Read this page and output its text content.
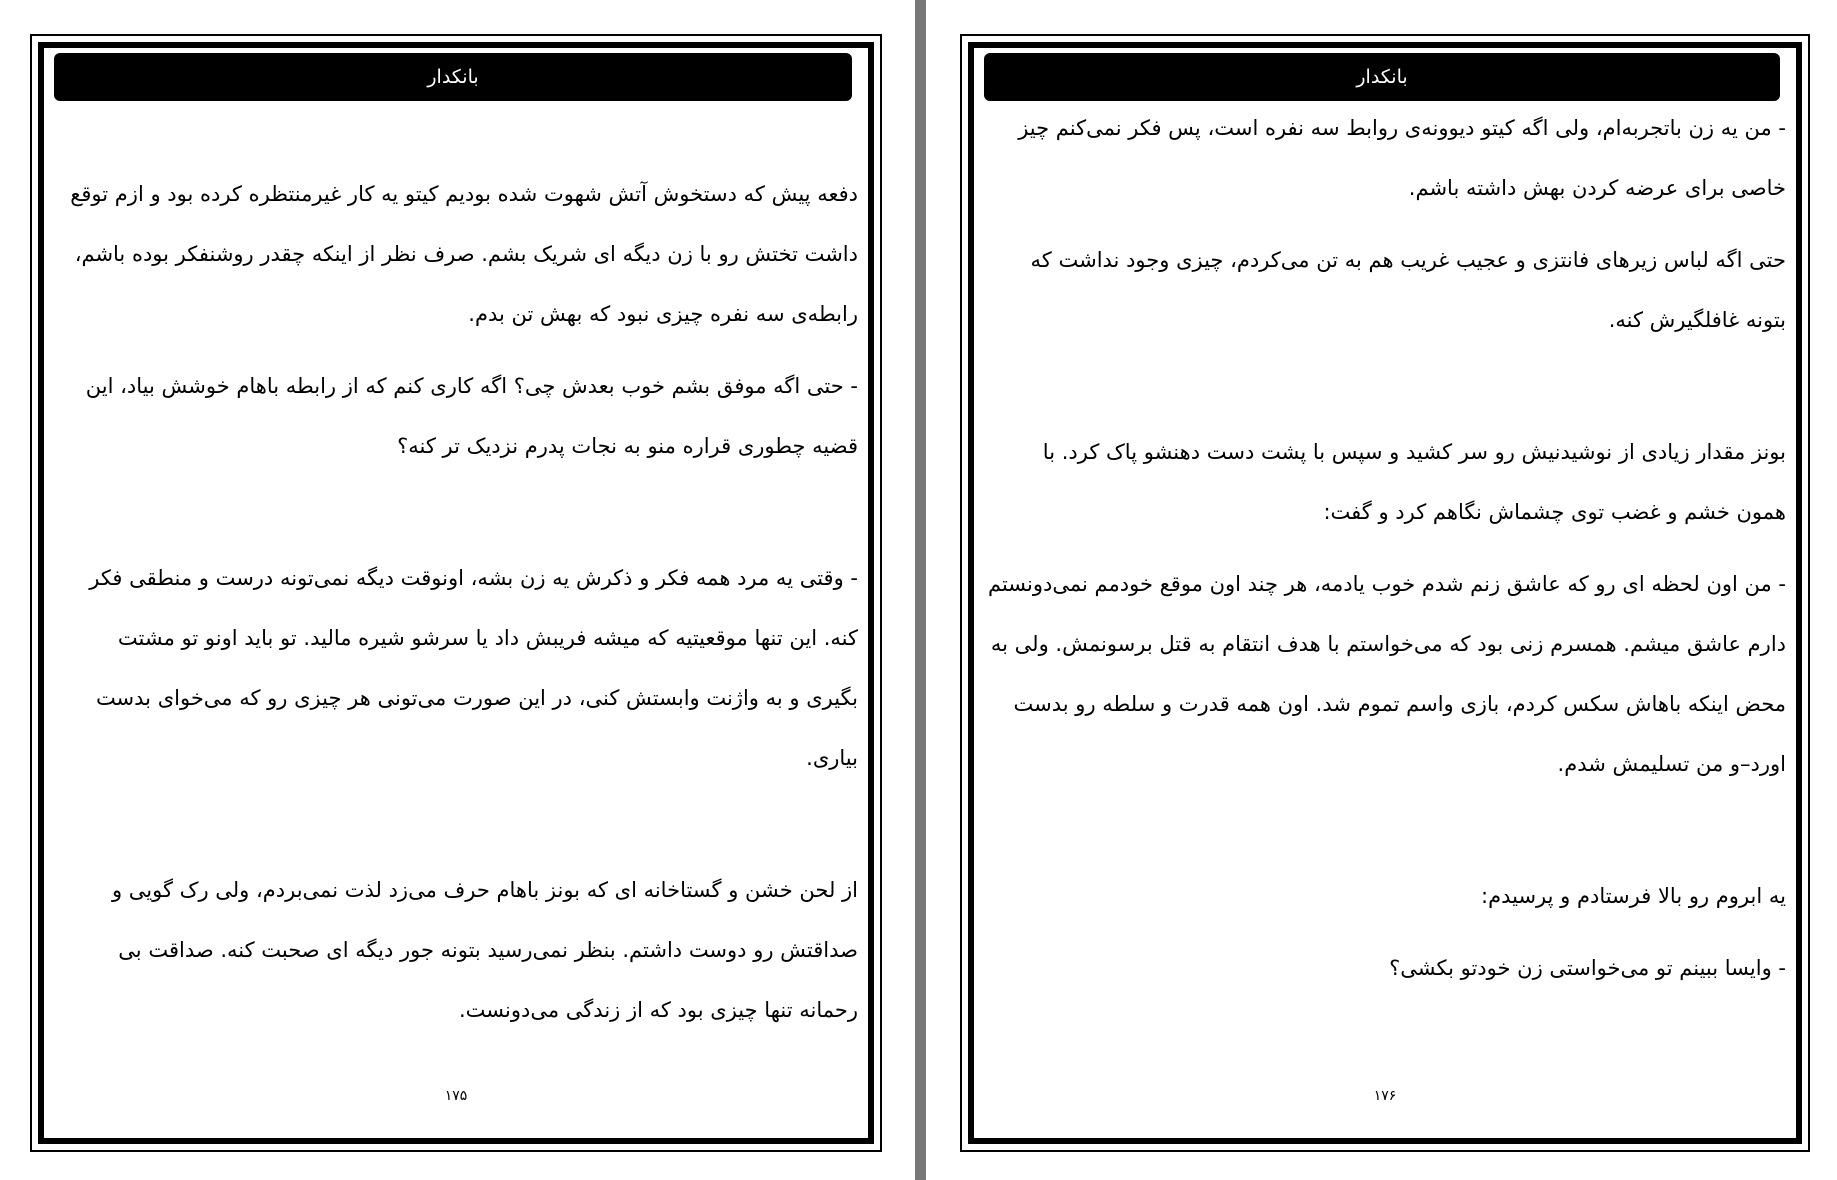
بانکدار
دفعه پیش که دستخوش آتش شهوت شده بودیم کیتو یه کار غیرمنتظره کرده بود و ازم توقع
داشت تختش رو با زن دیگه ای شریک بشم. صرف نظر از اینکه چقدر روشنفکر بوده باشم،
رابطه‌ی سه نفره چیزی نبود که بهش تن بدم.
- حتی اگه موفق بشم خوب بعدش چی؟ اگه کاری کنم که از رابطه باهام خوشش بیاد، این
قضیه چطوری قراره منو به نجات پدرم نزدیک تر کنه؟
- وقتی یه مرد همه فکر و ذکرش یه زن بشه، اونوقت دیگه نمی‌تونه درست و منطقی فکر
کنه. این تنها موقعیتیه که میشه فریبش داد یا سرشو شیره مالید. تو باید اونو تو مشتت
بگیری و به واژنت وابستش کنی، در این صورت می‌تونی هر چیزی رو که می‌خوای بدست
بیاری.
از لحن خشن و گستاخانه ای که بونز باهام حرف می‌زد لذت نمی‌بردم، ولی رک گویی و
صداقتش رو دوست داشتم. بنظر نمی‌رسید بتونه جور دیگه ای صحبت کنه. صداقت بی
رحمانه تنها چیزی بود که از زندگی می‌دونست.
۱۷۵
بانکدار
- من یه زن باتجربه‌ام، ولی اگه کیتو دیوونه‌ی روابط سه نفره است، پس فکر نمی‌کنم چیز
خاصی برای عرضه کردن بهش داشته باشم.
حتی اگه لباس زیرهای فانتزی و عجیب غریب هم به تن می‌کردم، چیزی وجود نداشت که
بتونه غافلگیرش کنه.
بونز مقدار زیادی از نوشیدنیش رو سر کشید و سپس با پشت دست دهنشو پاک کرد. با
همون خشم و غضب توی چشماش نگاهم کرد و گفت:
- من اون لحظه ای رو که عاشق زنم شدم خوب یادمه، هر چند اون موقع خودمم نمی‌دونستم
دارم عاشق میشم. همسرم زنی بود که می‌خواستم با هدف انتقام به قتل برسونمش. ولی به
محض اینکه باهاش سکس کردم، بازی واسم تموم شد. اون همه قدرت و سلطه رو بدست
اورد–و من تسلیمش شدم.
یه ابروم رو بالا فرستادم و پرسیدم:
- وایسا ببینم تو می‌خواستی زن خودتو بکشی؟
۱۷۶
